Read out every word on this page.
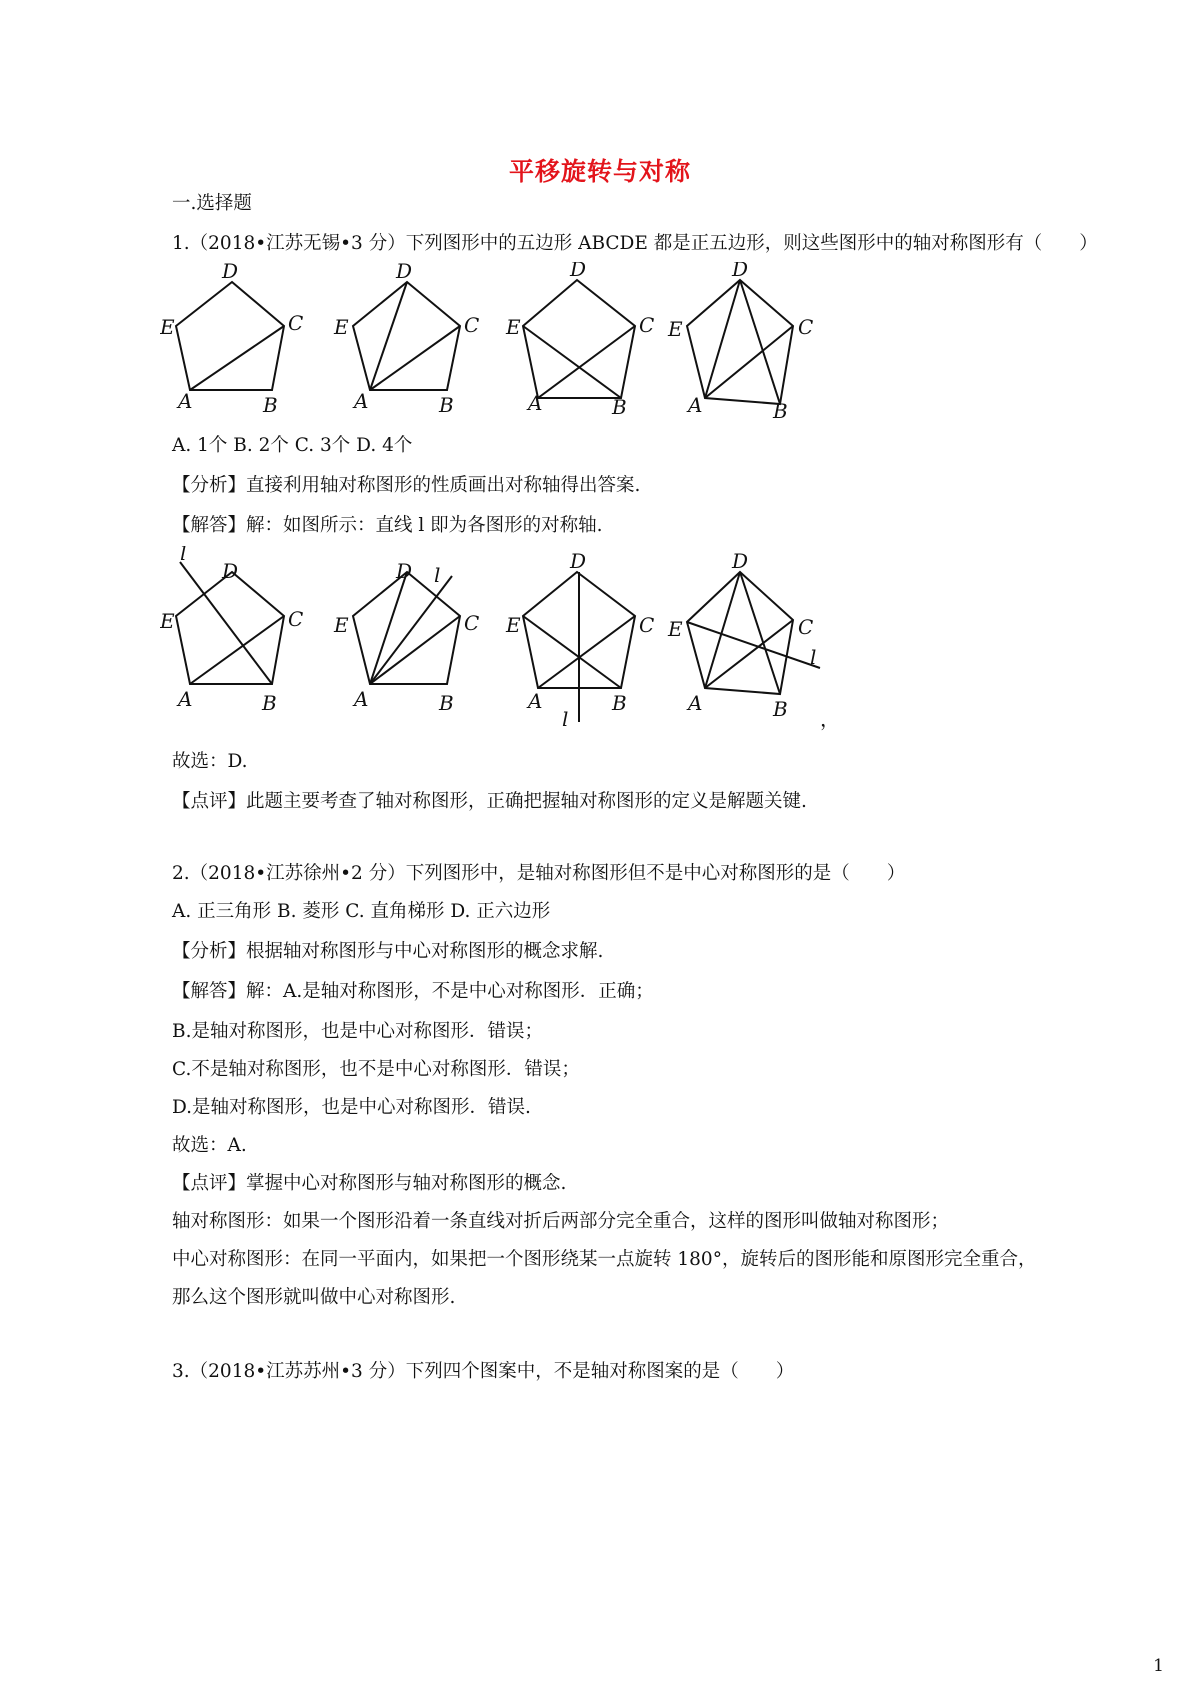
平移旋转与对称
一.选择题
1.（2018•江苏无锡•3 分）下列图形中的五边形 ABCDE 都是正五边形，则这些图形中的轴对称图形有（　　）
D
C
E
A	B
D
C
E
A	B
D
C
E
A	B
D
C
E
A	B
A. 1个 B. 2个 C. 3个 D. 4个
【分析】直接利用轴对称图形的性质画出对称轴得出答案.
【解答】解：如图所示：直线 l 即为各图形的对称轴.
l
D
C
E
A	B
l
D
C
E
A	B
D
C
E
A	B
l
D
C
E
A	B
l
，
故选：D.
【点评】此题主要考查了轴对称图形，正确把握轴对称图形的定义是解题关键.
2.（2018•江苏徐州•2 分）下列图形中，是轴对称图形但不是中心对称图形的是（　　）
A. 正三角形 B. 菱形 C. 直角梯形 D. 正六边形
【分析】根据轴对称图形与中心对称图形的概念求解.
【解答】解：A.是轴对称图形，不是中心对称图形．正确；
B.是轴对称图形，也是中心对称图形．错误；
C.不是轴对称图形，也不是中心对称图形．错误；
D.是轴对称图形，也是中心对称图形．错误.
故选：A.
【点评】掌握中心对称图形与轴对称图形的概念.
轴对称图形：如果一个图形沿着一条直线对折后两部分完全重合，这样的图形叫做轴对称图形；
中心对称图形：在同一平面内，如果把一个图形绕某一点旋转 180°，旋转后的图形能和原图形完全重合，
那么这个图形就叫做中心对称图形.
3.（2018•江苏苏州•3 分）下列四个图案中，不是轴对称图案的是（　　）
1
